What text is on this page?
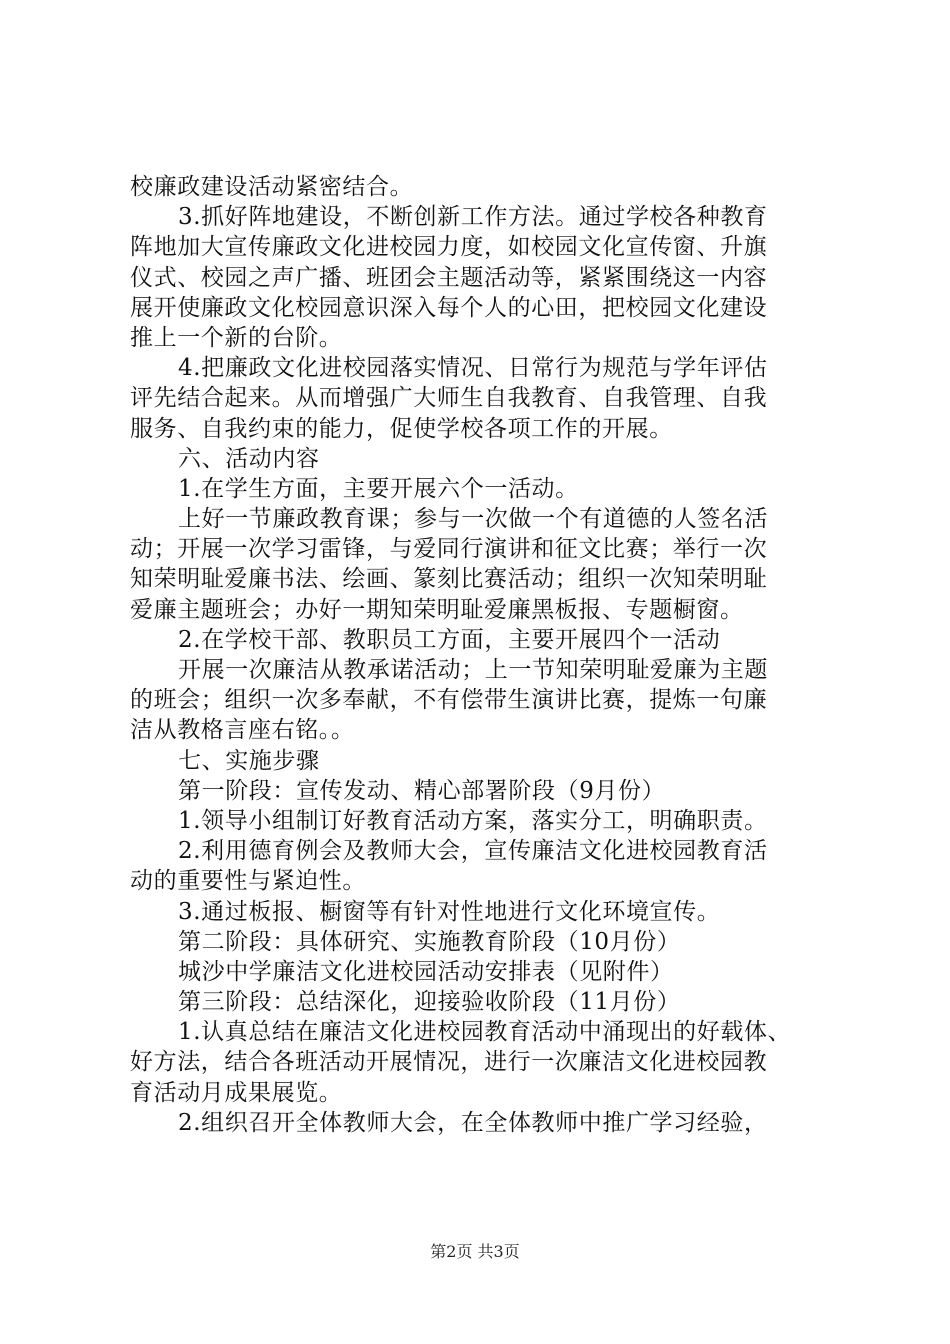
校廉政建设活动紧密结合。
3.抓好阵地建设，不断创新工作方法。通过学校各种教育
阵地加大宣传廉政文化进校园力度，如校园文化宣传窗、升旗
仪式、校园之声广播、班团会主题活动等，紧紧围绕这一内容
展开使廉政文化校园意识深入每个人的心田，把校园文化建设
推上一个新的台阶。
4.把廉政文化进校园落实情况、日常行为规范与学年评估
评先结合起来。从而增强广大师生自我教育、自我管理、自我
服务、自我约束的能力，促使学校各项工作的开展。
六、活动内容
1.在学生方面，主要开展六个一活动。
上好一节廉政教育课；参与一次做一个有道德的人签名活
动；开展一次学习雷锋，与爱同行演讲和征文比赛；举行一次
知荣明耻爱廉书法、绘画、篆刻比赛活动；组织一次知荣明耻
爱廉主题班会；办好一期知荣明耻爱廉黑板报、专题橱窗。
2.在学校干部、教职员工方面，主要开展四个一活动
开展一次廉洁从教承诺活动；上一节知荣明耻爱廉为主题
的班会；组织一次多奉献，不有偿带生演讲比赛，提炼一句廉
洁从教格言座右铭。。
七、实施步骤
第一阶段：宣传发动、精心部署阶段（9月份）
1.领导小组制订好教育活动方案，落实分工，明确职责。
2.利用德育例会及教师大会，宣传廉洁文化进校园教育活
动的重要性与紧迫性。
3.通过板报、橱窗等有针对性地进行文化环境宣传。
第二阶段：具体研究、实施教育阶段（10月份）
城沙中学廉洁文化进校园活动安排表（见附件）
第三阶段：总结深化，迎接验收阶段（11月份）
1.认真总结在廉洁文化进校园教育活动中涌现出的好载体、
好方法，结合各班活动开展情况，进行一次廉洁文化进校园教
育活动月成果展览。
2.组织召开全体教师大会，在全体教师中推广学习经验，
第2页 共3页
